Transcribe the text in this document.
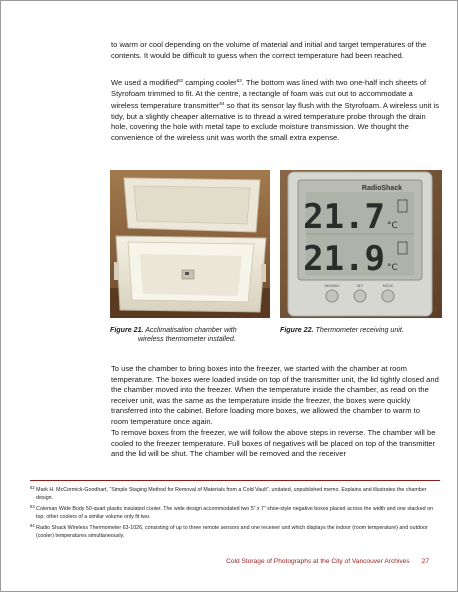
to warm or cool depending on the volume of material and initial and target temperatures of the contents. It would be difficult to guess when the correct temperature had been reached.

We used a modified$^{62}$ camping cooler$^{63}$. The bottom was lined with two one-half inch sheets of Styrofoam trimmed to fit. At the centre, a rectangle of foam was cut out to accommodate a wireless temperature transmitter$^{64}$ so that its sensor lay flush with the Styrofoam. A wireless unit is tidy, but a slightly cheaper alternative is to thread a wired temperature probe through the drain hole, covering the hole with metal tape to exclude moisture transmission. We thought the convenience of the wireless unit was worth the small extra expense.

RadioShack
21.7 °C
21.9 °C
MIN/MAX	SET	MODE
Figure 21. Acclimatisation chamber with
wireless thermometer installed.
Figure 22. Thermometer receiving unit.

To use the chamber to bring boxes into the freezer, we started with the chamber at room temperature. The boxes were loaded inside on top of the transmitter unit, the lid tightly closed and the chamber moved into the freezer. When the temperature inside the chamber, as read on the receiver unit, was the same as the temperature inside the freezer, the boxes were quickly transferred into the cabinet. Before loading more boxes, we allowed the chamber to warm to room temperature once again.

To remove boxes from the freezer, we will follow the above steps in reverse. The chamber will be cooled to the freezer temperature. Full boxes of negatives will be placed on top of the transmitter and the lid will be shut. The chamber will be removed and the receiver

$^{62}$ Mark H. McCormick-Goodhart, “Simple Staging Method for Removal of Materials from a Cold Vault”, undated, unpublished memo. Explains and illustrates the chamber design.

$^{63}$ Coleman Wide Body 50-quart plastic insulated cooler. The wide design accommodated two 5” x 7” shoe-style negative boxes placed across the width and one stacked on top; other coolers of a similar volume only fit two.

$^{64}$ Radio Shack Wireless Thermometer 63-1026, consisting of up to three remote sensors and one receiver unit which displays the indoor (room temperature) and outdoor (cooler) temperatures simultaneously.

Cold Storage of Photographs at the City of Vancouver Archives 27
